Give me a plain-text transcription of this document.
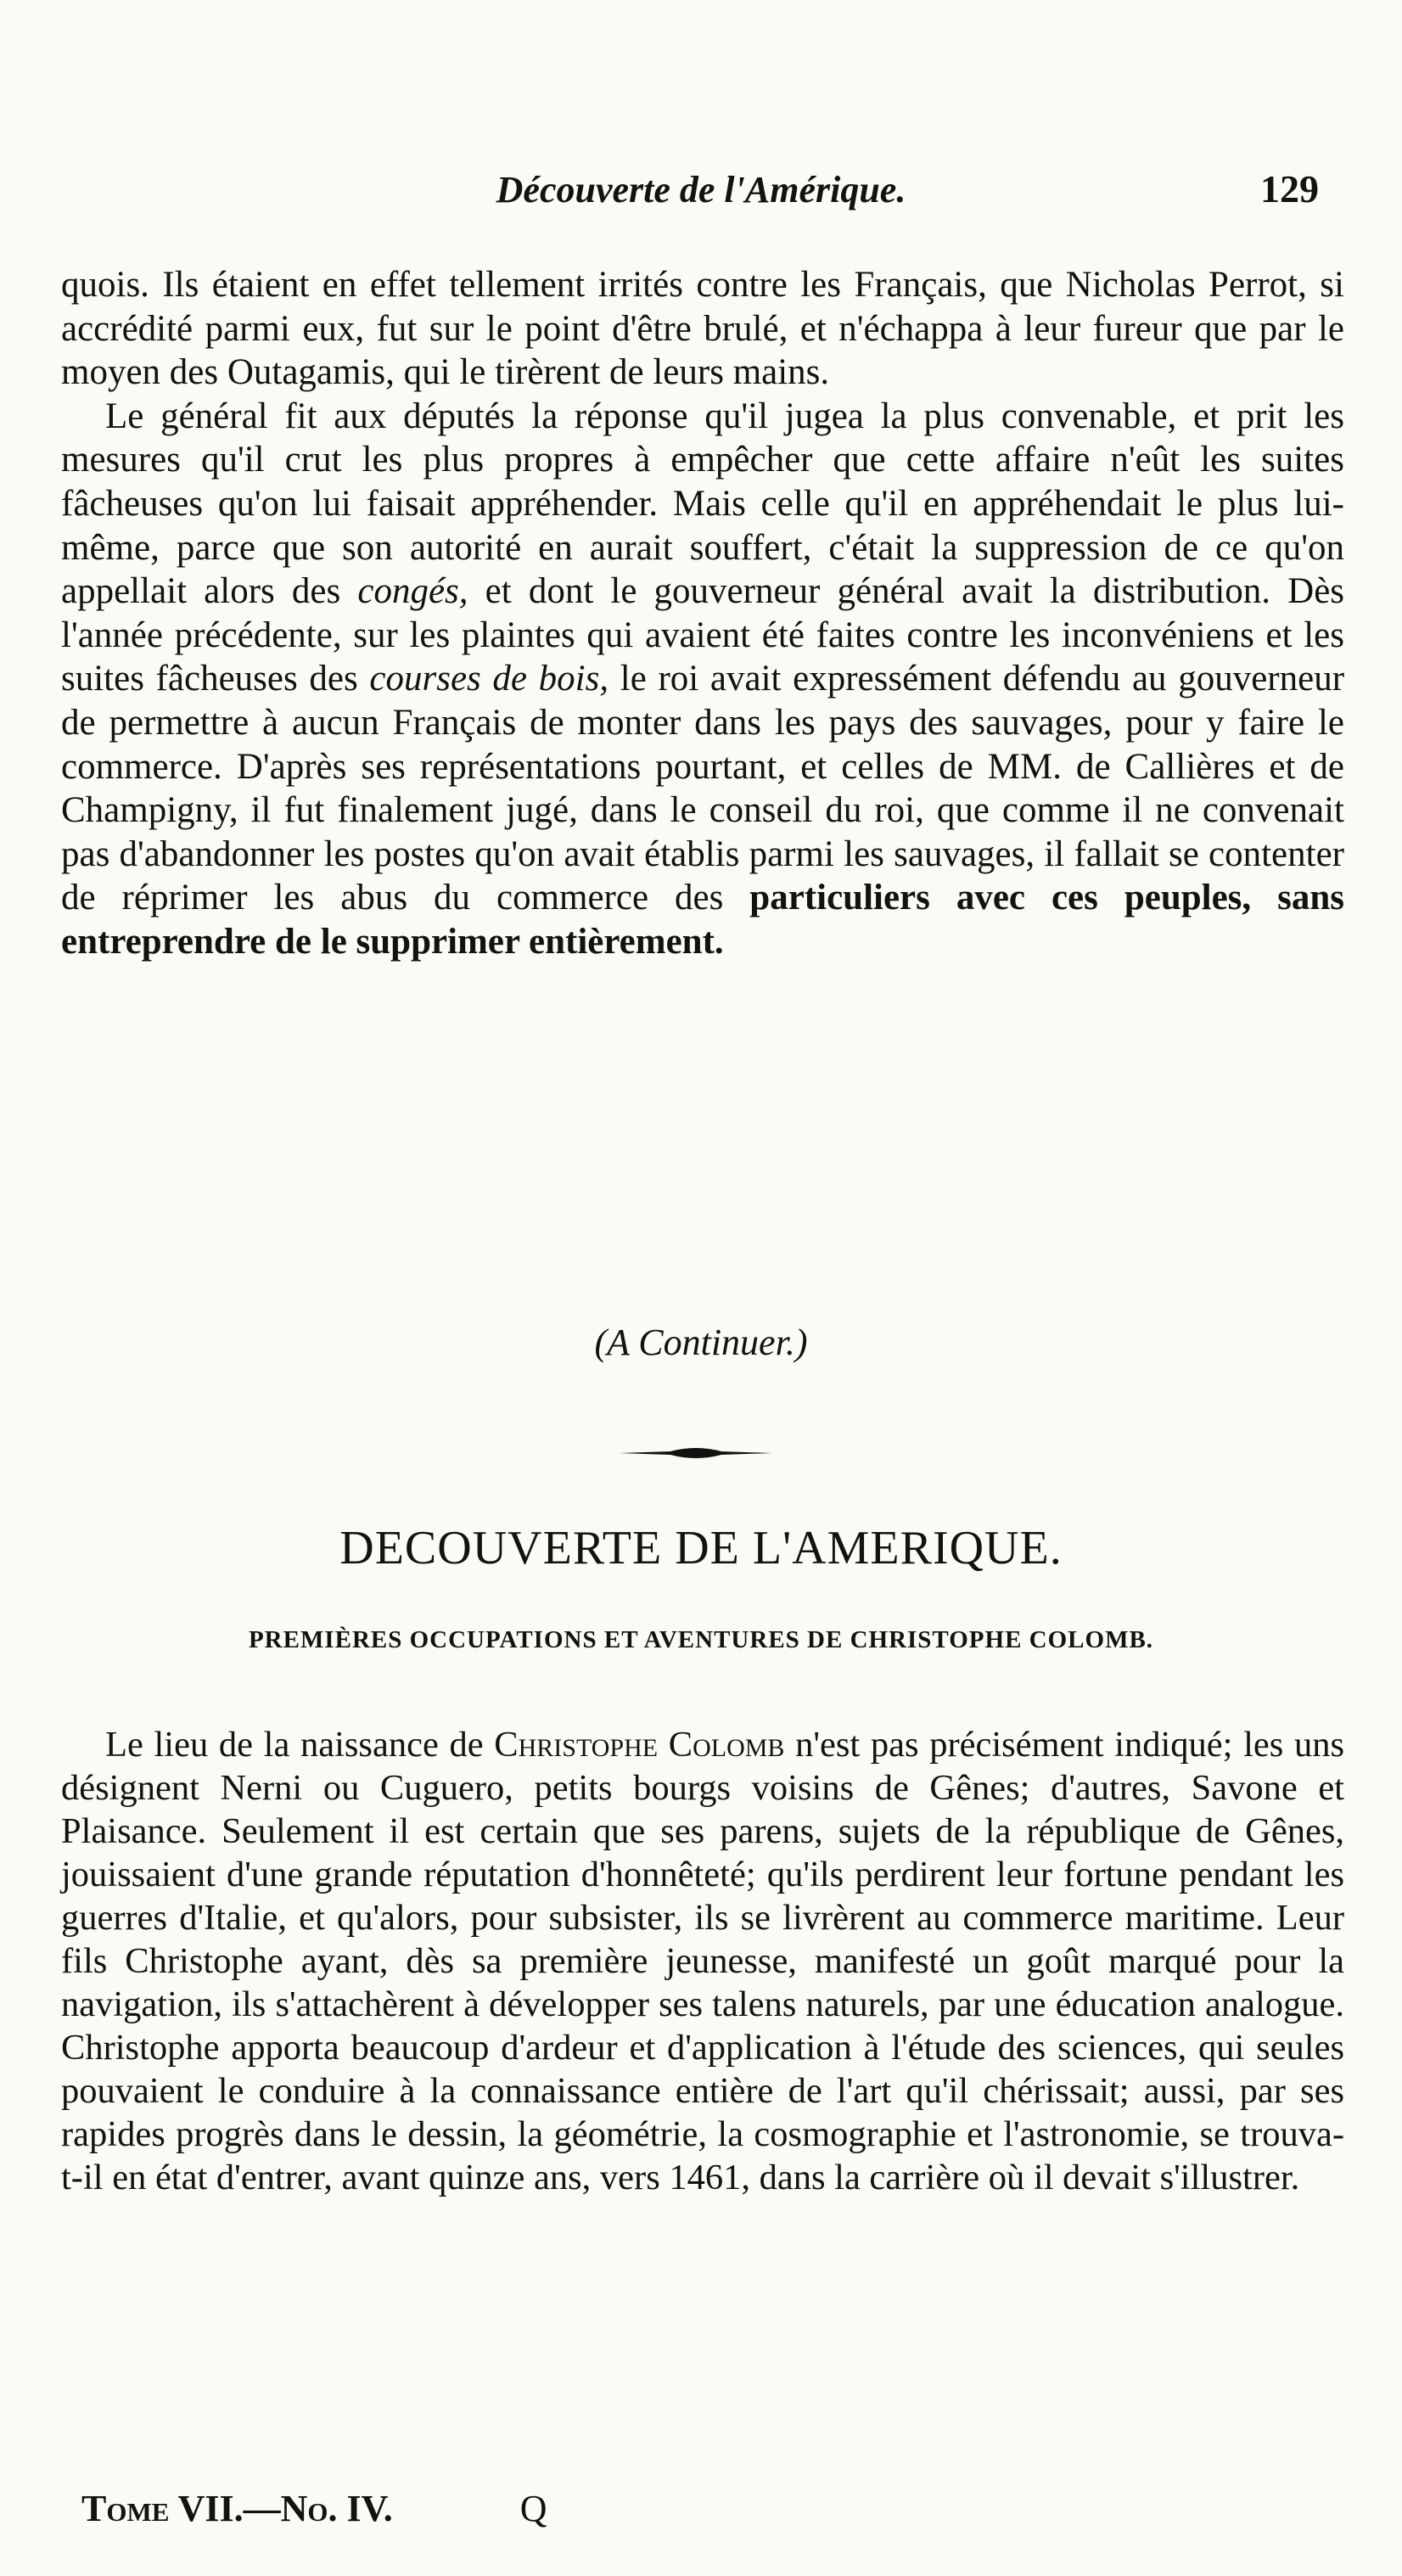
Découverte de l'Amérique.	129

quois. Ils étaient en effet tellement irrités contre les Français, que Nicholas Perrot, si accrédité parmi eux, fut sur le point d'être brulé, et n'échappa à leur fureur que par le moyen des Outagamis, qui le tirèrent de leurs mains.

Le général fit aux députés la réponse qu'il jugea la plus convenable, et prit les mesures qu'il crut les plus propres à empêcher que cette affaire n'eût les suites fâcheuses qu'on lui faisait appréhender. Mais celle qu'il en appréhendait le plus lui-même, parce que son autorité en aurait souffert, c'était la suppression de ce qu'on appellait alors des congés, et dont le gouverneur général avait la distribution. Dès l'année précédente, sur les plaintes qui avaient été faites contre les inconvéniens et les suites fâcheuses des courses de bois, le roi avait expressément défendu au gouverneur de permettre à aucun Français de monter dans les pays des sauvages, pour y faire le commerce. D'après ses représentations pourtant, et celles de MM. de Callières et de Champigny, il fut finalement jugé, dans le conseil du roi, que comme il ne convenait pas d'abandonner les postes qu'on avait établis parmi les sauvages, il fallait se contenter de réprimer les abus du commerce des particuliers avec ces peuples, sans entreprendre de le supprimer entièrement.

(A Continuer.)
DECOUVERTE DE L'AMERIQUE.
PREMIÈRES OCCUPATIONS ET AVENTURES DE CHRISTOPHE COLOMB.

Le lieu de la naissance de Christophe Colomb n'est pas précisément indiqué; les uns désignent Nerni ou Cuguero, petits bourgs voisins de Gênes; d'autres, Savone et Plaisance. Seulement il est certain que ses parens, sujets de la république de Gênes, jouissaient d'une grande réputation d'honnêteté; qu'ils perdirent leur fortune pendant les guerres d'Italie, et qu'alors, pour subsister, ils se livrèrent au commerce maritime. Leur fils Christophe ayant, dès sa première jeunesse, manifesté un goût marqué pour la navigation, ils s'attachèrent à développer ses talens naturels, par une éducation analogue. Christophe apporta beaucoup d'ardeur et d'application à l'étude des sciences, qui seules pouvaient le conduire à la connaissance entière de l'art qu'il chérissait; aussi, par ses rapides progrès dans le dessin, la géométrie, la cosmographie et l'astronomie, se trouva-t-il en état d'entrer, avant quinze ans, vers 1461, dans la carrière où il devait s'illustrer.

Tome VII.—No. IV.	Q
